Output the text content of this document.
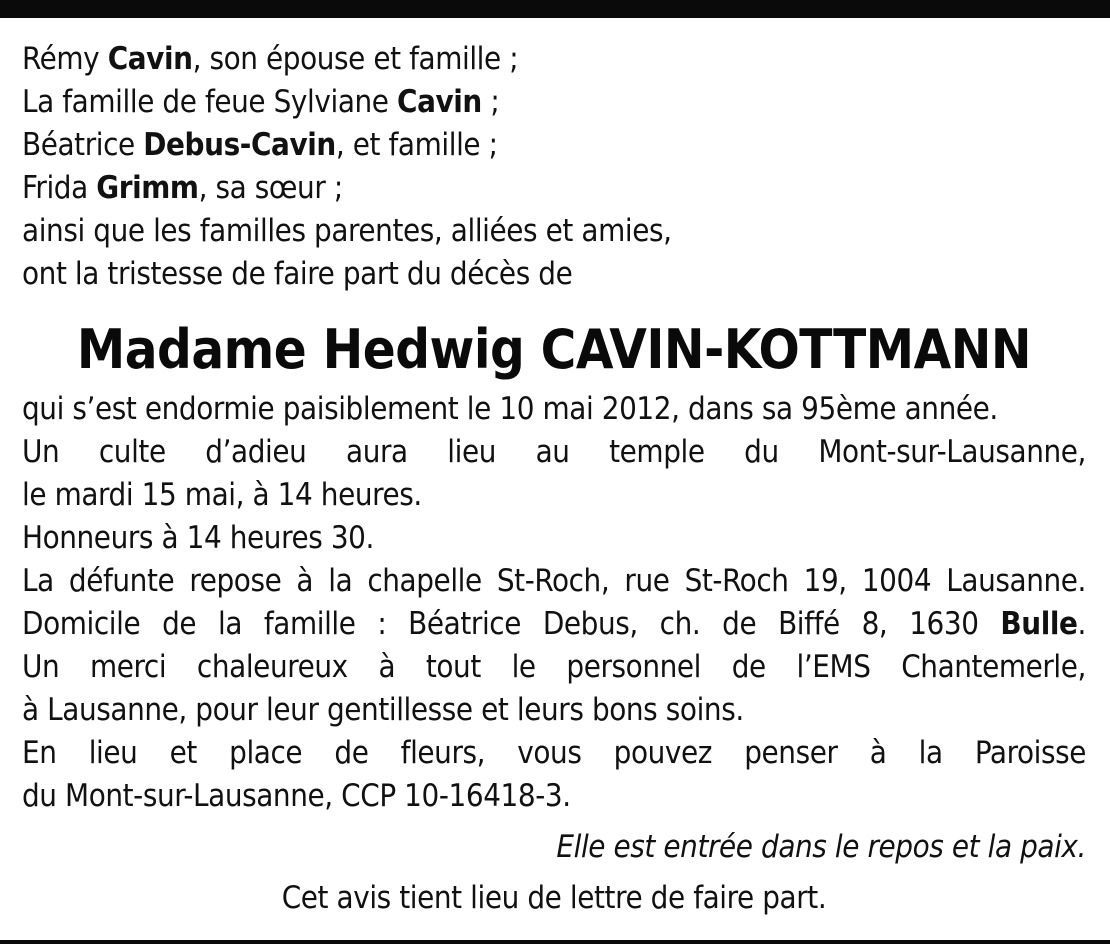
Rémy Cavin, son épouse et famille ;
La famille de feue Sylviane Cavin ;
Béatrice Debus-Cavin, et famille ;
Frida Grimm, sa sœur ;
ainsi que les familles parentes, alliées et amies,
ont la tristesse de faire part du décès de
Madame Hedwig CAVIN-KOTTMANN
qui s’est endormie paisiblement le 10 mai 2012, dans sa 95ème année.
Un culte d’adieu aura lieu au temple du Mont-sur-Lausanne,
le mardi 15 mai, à 14 heures.
Honneurs à 14 heures 30.
La défunte repose à la chapelle St-Roch, rue St-Roch 19, 1004 Lausanne.
Domicile de la famille : Béatrice Debus, ch. de Biffé 8, 1630 Bulle.
Un merci chaleureux à tout le personnel de l’EMS Chantemerle,
à Lausanne, pour leur gentillesse et leurs bons soins.
En lieu et place de fleurs, vous pouvez penser à la Paroisse
du Mont-sur-Lausanne, CCP 10-16418-3.
Elle est entrée dans le repos et la paix.
Cet avis tient lieu de lettre de faire part.
